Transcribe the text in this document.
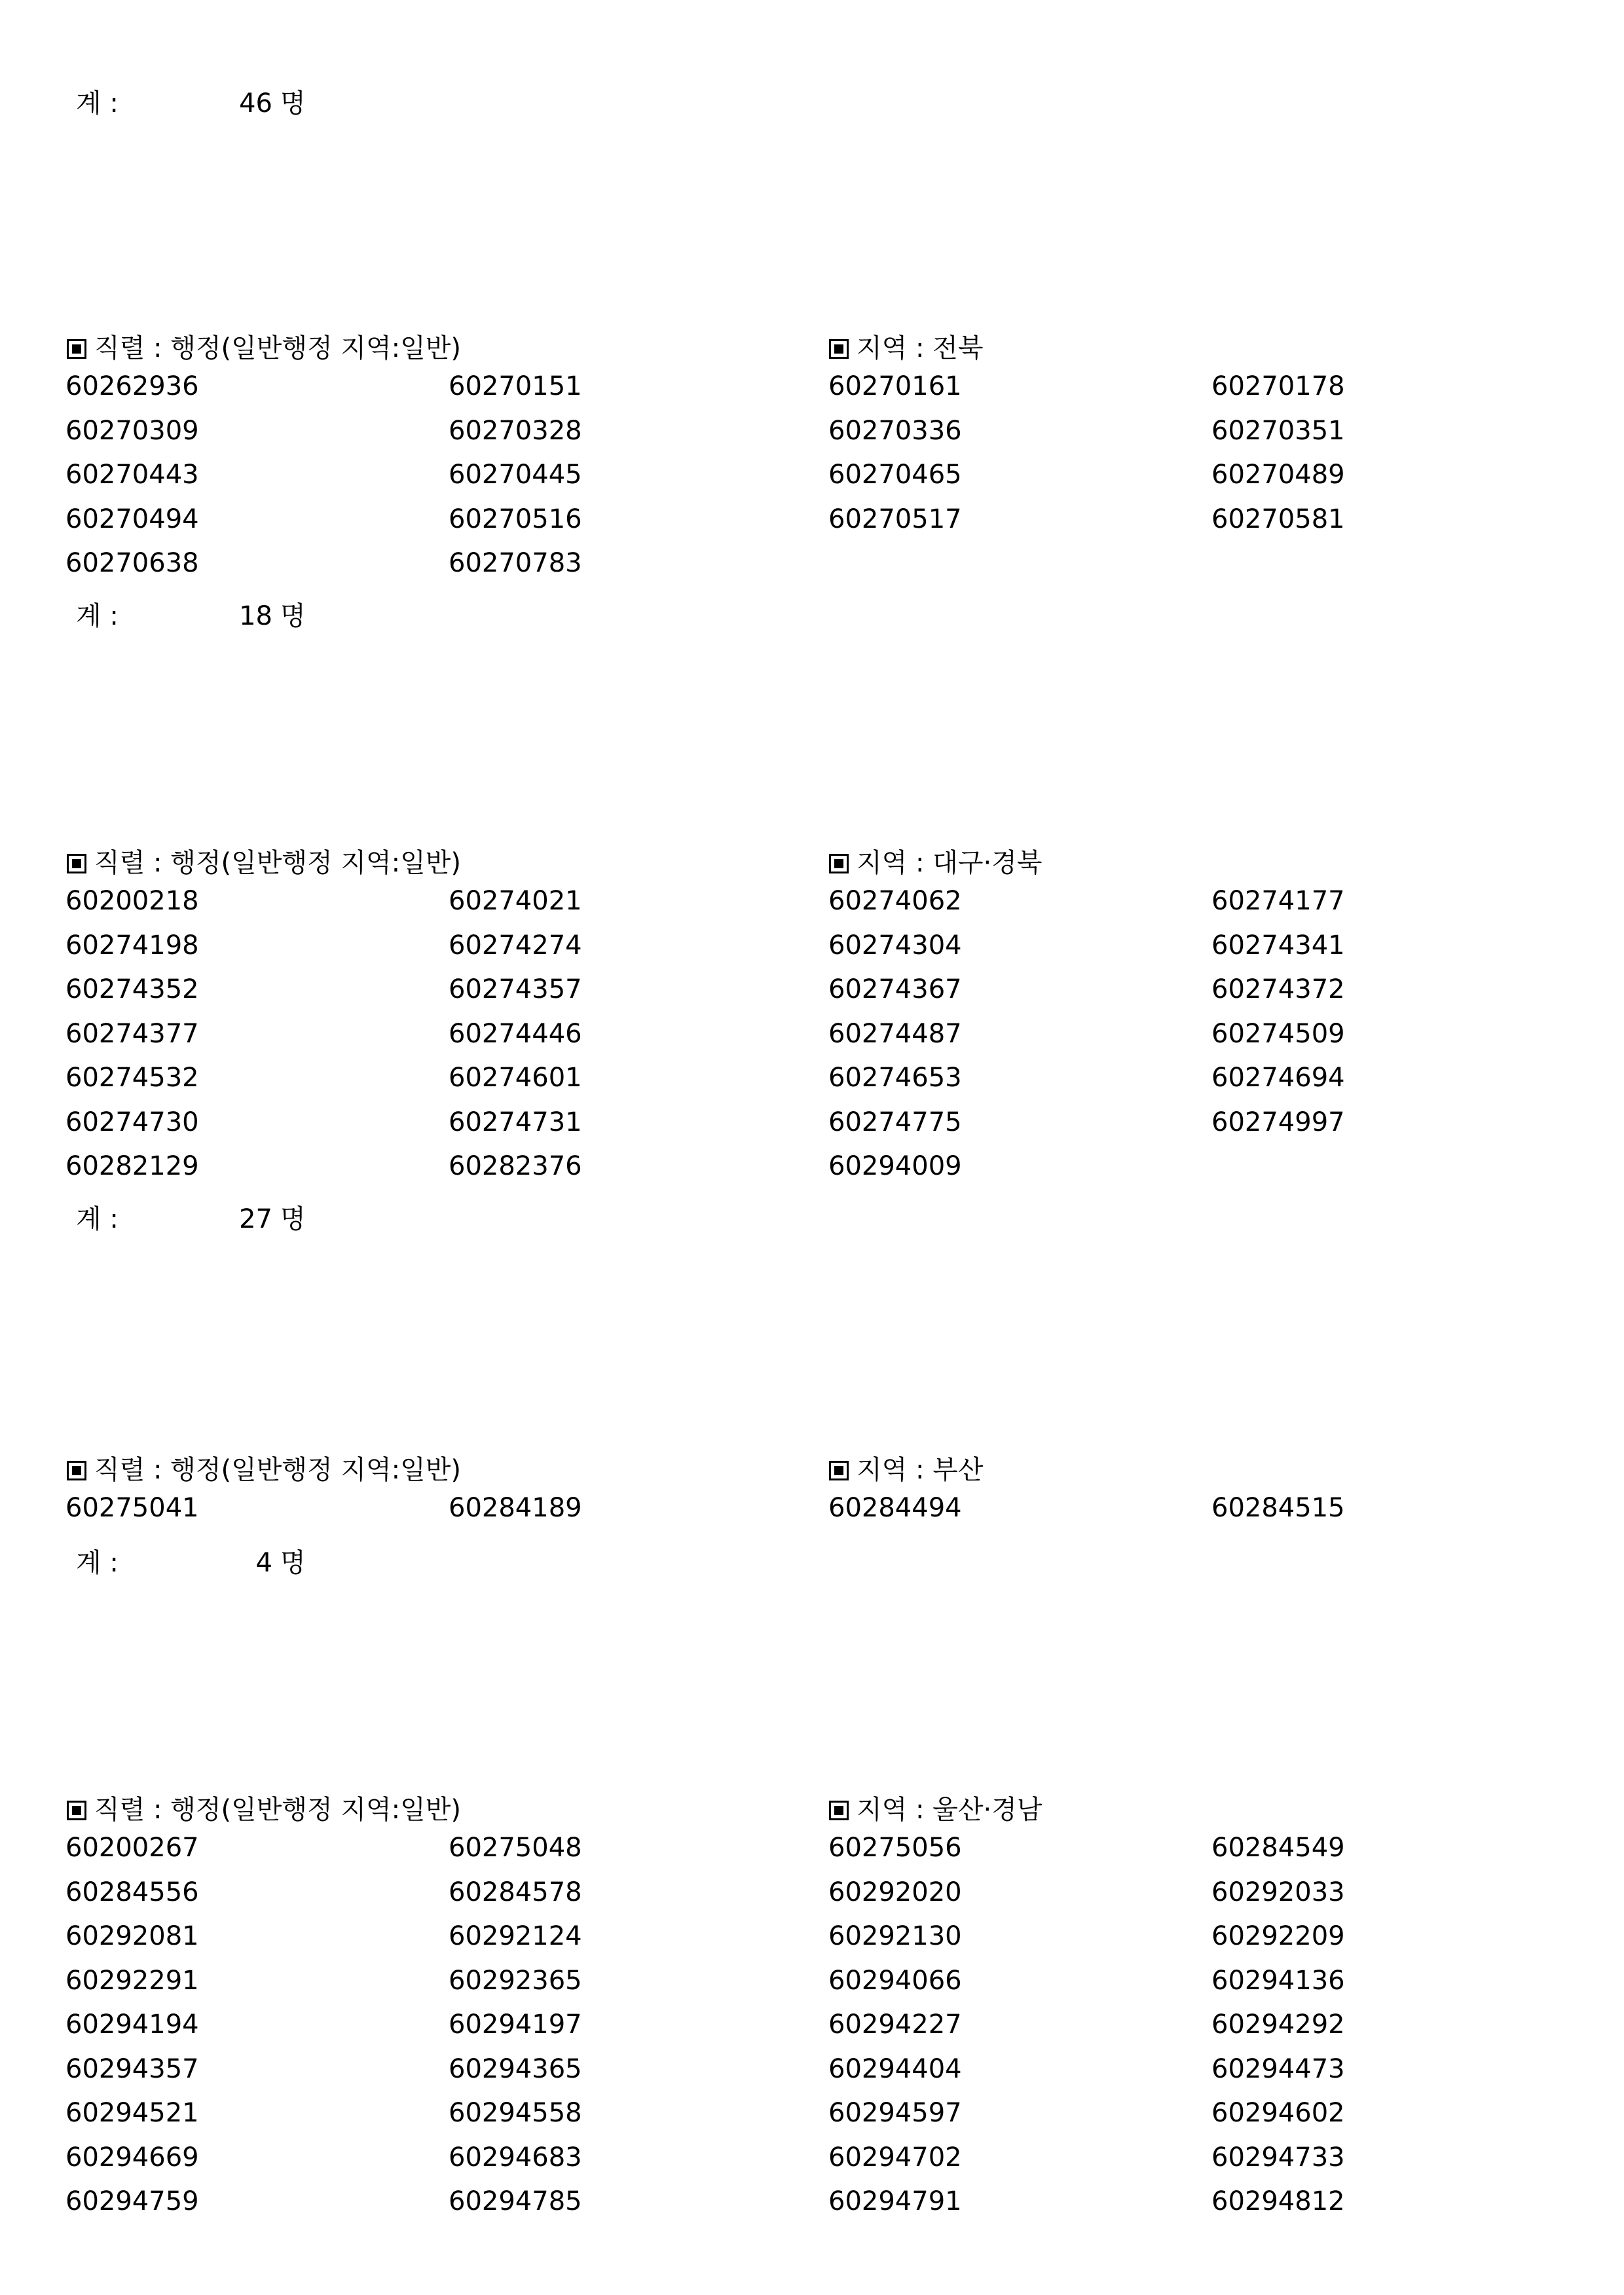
계 :	46 명
직렬 : 행정(일반행정 지역:일반)	지역 : 전북
60262936	60270151	60270161	60270178
60270309	60270328	60270336	60270351
60270443	60270445	60270465	60270489
60270494	60270516	60270517	60270581
60270638	60270783
계 :	18 명
직렬 : 행정(일반행정 지역:일반)	지역 : 대구·경북
60200218	60274021	60274062	60274177
60274198	60274274	60274304	60274341
60274352	60274357	60274367	60274372
60274377	60274446	60274487	60274509
60274532	60274601	60274653	60274694
60274730	60274731	60274775	60274997
60282129	60282376	60294009
계 :	27 명
직렬 : 행정(일반행정 지역:일반)	지역 : 부산
60275041	60284189	60284494	60284515
계 :	4 명
직렬 : 행정(일반행정 지역:일반)	지역 : 울산·경남
60200267	60275048	60275056	60284549
60284556	60284578	60292020	60292033
60292081	60292124	60292130	60292209
60292291	60292365	60294066	60294136
60294194	60294197	60294227	60294292
60294357	60294365	60294404	60294473
60294521	60294558	60294597	60294602
60294669	60294683	60294702	60294733
60294759	60294785	60294791	60294812
